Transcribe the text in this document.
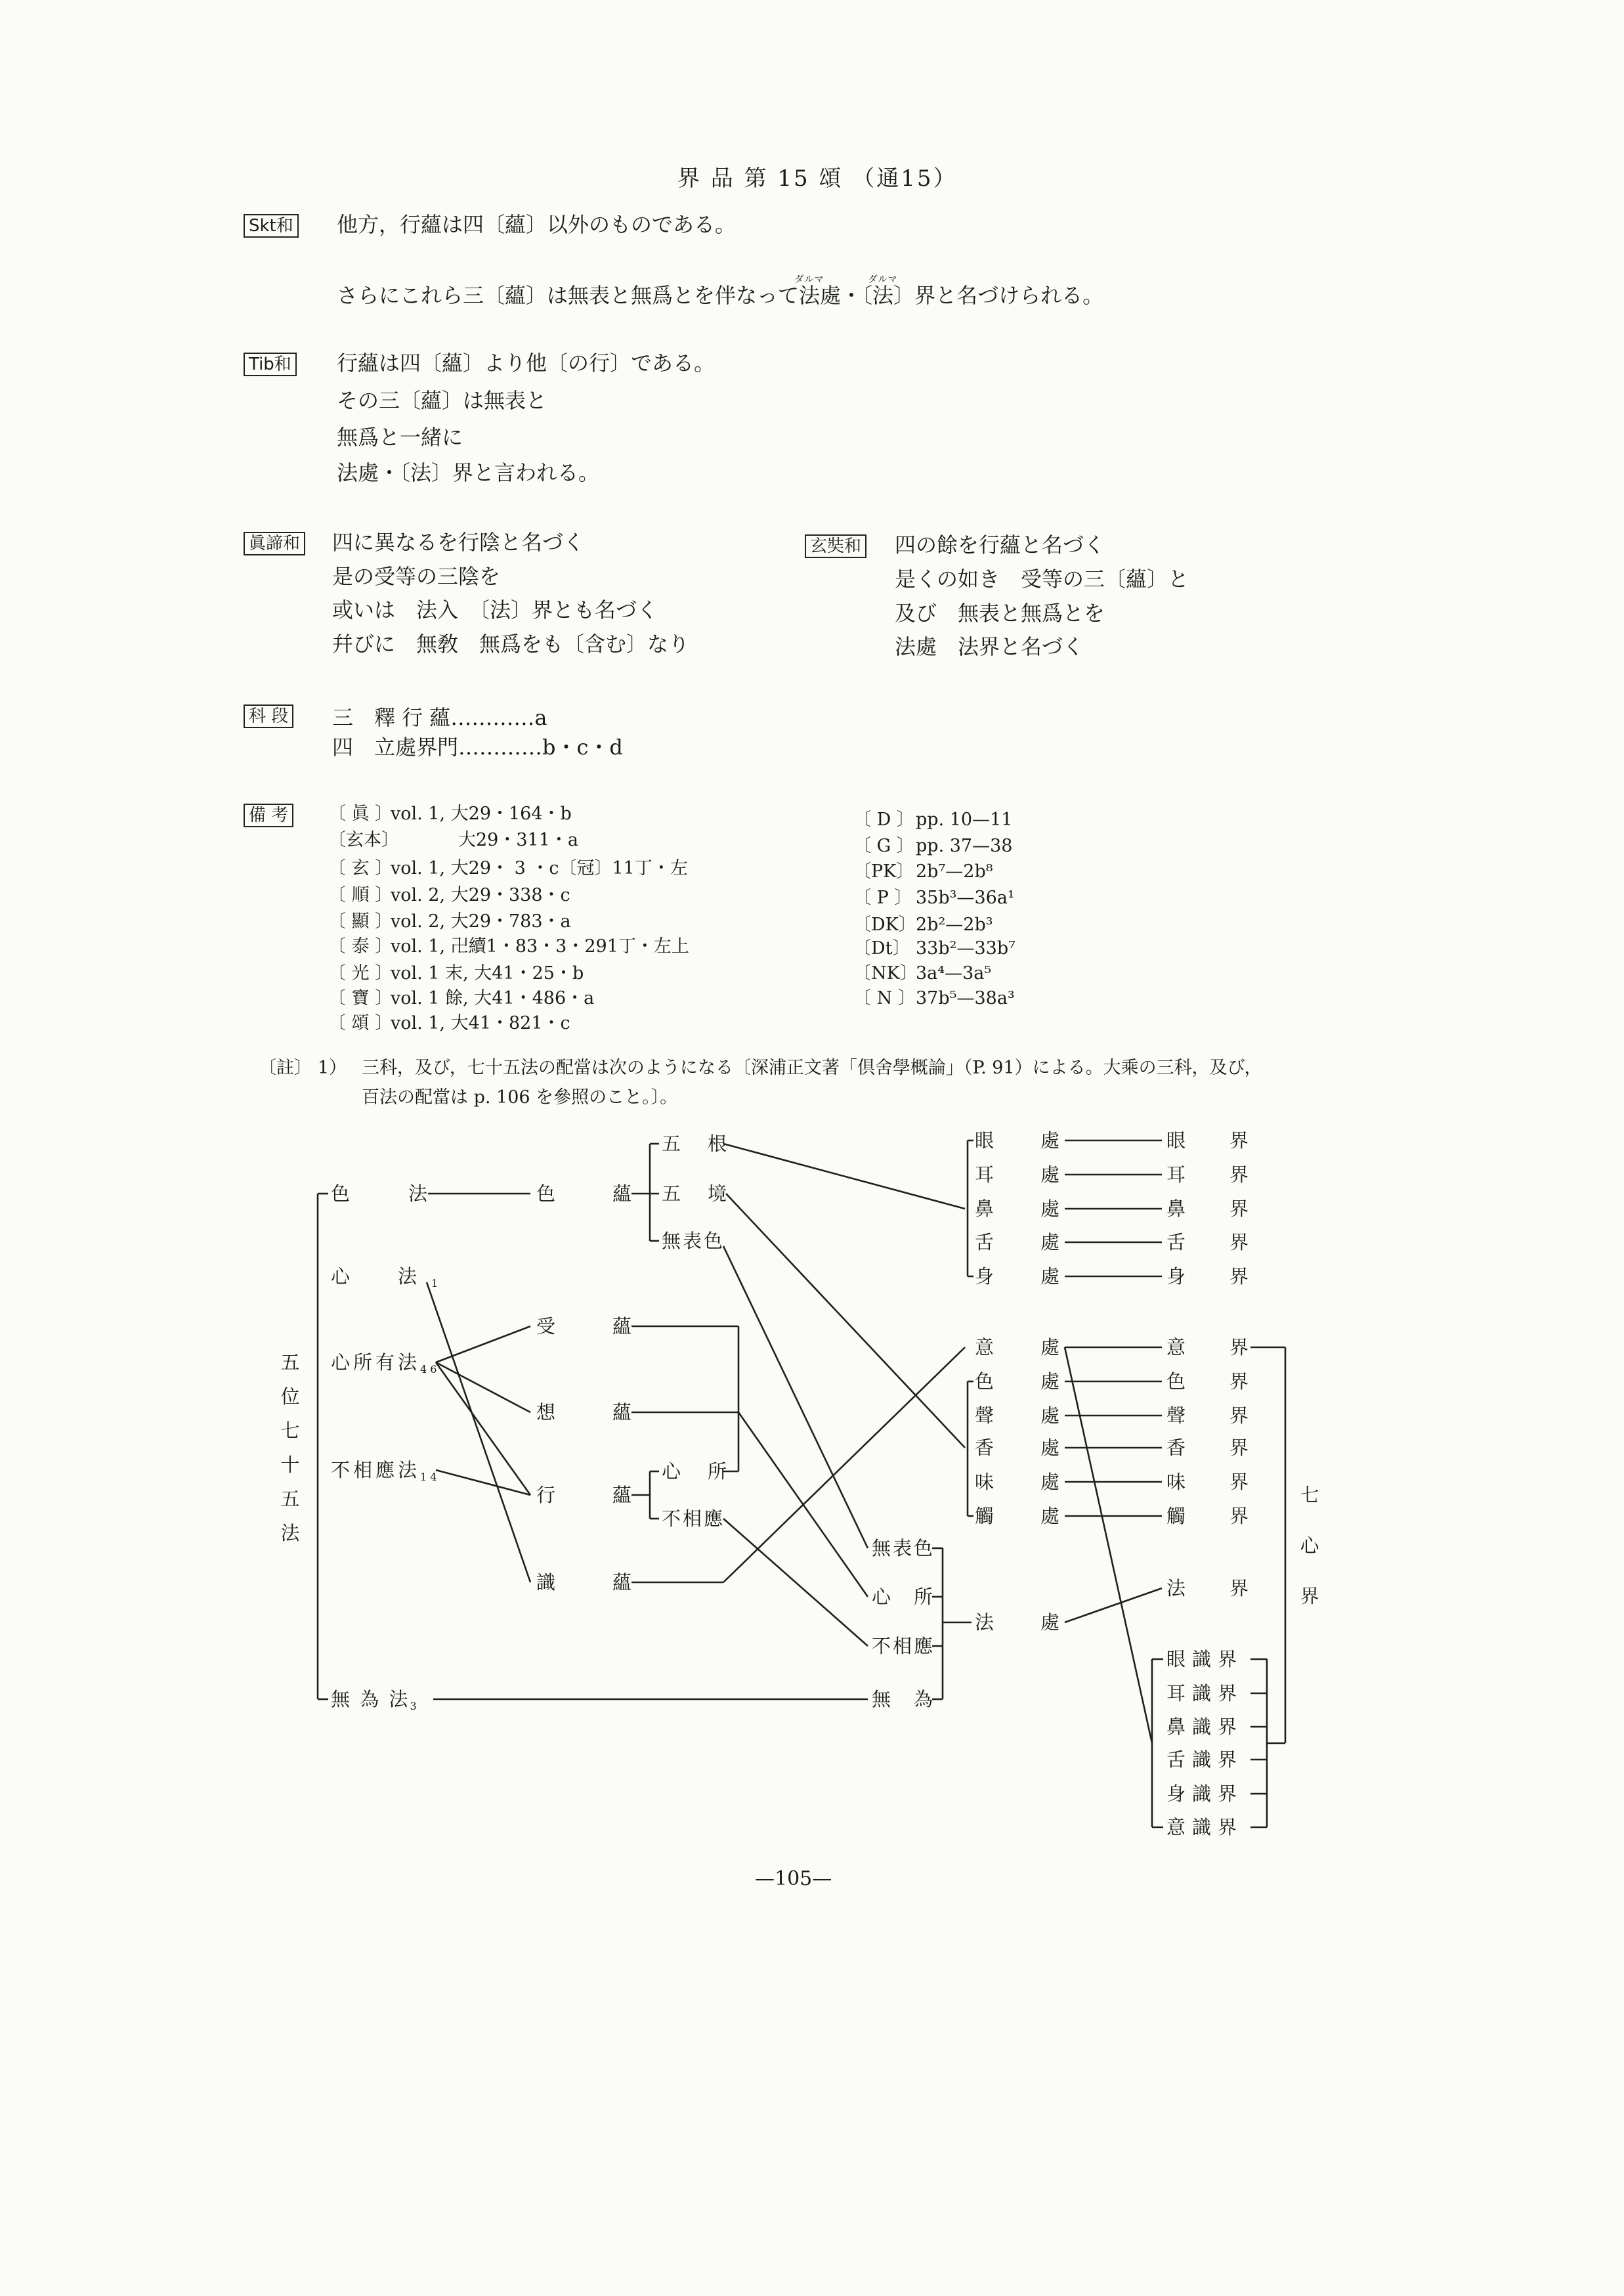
界 品 第 15 頌 （通15）
Skt和 他方，行蘊は四〔蘊〕以外のものである。
さらにこれら三〔蘊〕は無表と無爲とを伴なって法ダルマ處・〔法ダルマ〕界と名づけられる。
Tib和 行蘊は四〔蘊〕より他〔の行〕である。
その三〔蘊〕は無表と
無爲と一緒に
法處・〔法〕界と言われる。
眞諦和 四に異なるを行陰と名づく
是の受等の三陰を
或いは　法入　〔法〕界とも名づく
幷びに　無敎　無爲をも〔含む〕なり
玄奘和 四の餘を行蘊と名づく
是くの如き　受等の三〔蘊〕と
及び　無表と無爲とを
法處　法界と名づく
科 段 三　釋 行 蘊…………a
四　立處界門…………b・c・d
備 考 〔 眞 〕vol. 1, 大29・164・b
〔玄本〕	大29・311・a
〔 玄 〕vol. 1, 大29・ 3 ・c〔冠〕11丁・左
〔 順 〕vol. 2, 大29・338・c
〔 顯 〕vol. 2, 大29・783・a
〔 泰 〕vol. 1, 卍續1・83・3・291丁・左上
〔 光 〕vol. 1 末, 大41・25・b
〔 寶 〕vol. 1 餘, 大41・486・a
〔 頌 〕vol. 1, 大41・821・c
〔 D 〕pp. 10—11
〔 G 〕pp. 37—38
〔PK〕2b⁷—2b⁸
〔 P 〕 35b³—36a¹
〔DK〕2b²—2b³
〔Dt〕 33b²—33b⁷
〔NK〕3a⁴—3a⁵
〔 N 〕37b⁵—38a³
〔註〕 1） 三科，及び，七十五法の配當は次のようになる〔深浦正文著「倶舍學概論」（P. 91）による。大乘の三科，及び，
百法の配當は p. 106 を參照のこと。〕。
五位七十五法
色　法
心　法$_1$
心所有法$_{46}$
不相應法$_{14}$
無 為 法$_3$
色　蘊
受　蘊
想　蘊
行　蘊
識　蘊
五　根
五　境
無表色
心　所
不相應
無表色
心　所
不相應
無　為
眼　處
耳　處
鼻　處
舌　處
身　處
意　處
色　處
聲　處
香　處
味　處
觸　處
法　處
眼　界
耳　界
鼻　界
舌　界
身　界
意　界
色　界
聲　界
香　界
味　界
觸　界
法　界
眼識界
耳識界
鼻識界
舌識界
身識界
意識界
七心界
—105—
